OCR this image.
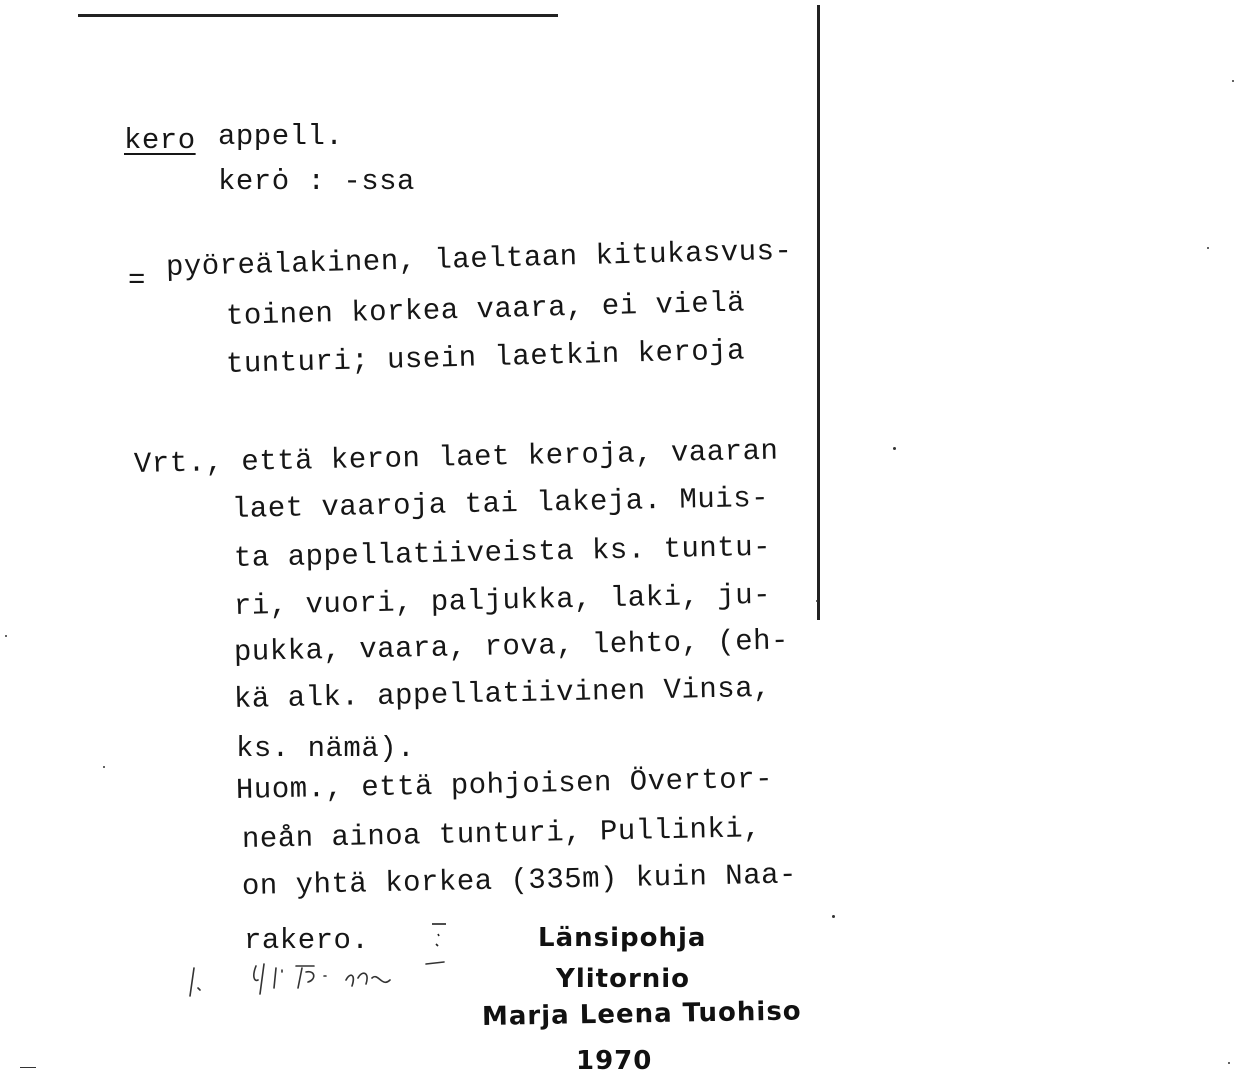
kero appell.
kerȯ : -ssa
= pyöreälakinen, laeltaan kitukasvus-
toinen korkea vaara, ei vielä
tunturi; usein laetkin keroja
Vrt., että keron laet keroja, vaaran
laet vaaroja tai lakeja. Muis-
ta appellatiiveista ks. tuntu-
ri, vuori, paljukka, laki, ju-
pukka, vaara, rova, lehto, (eh-
kä alk. appellatiivinen Vinsa,
ks. nämä).
Huom., että pohjoisen Övertor-
neån ainoa tunturi, Pullinki,
on yhtä korkea (335m) kuin Naa-
rakero.	Länsipohja
Ylitornio
Marja Leena Tuohiso
1970
